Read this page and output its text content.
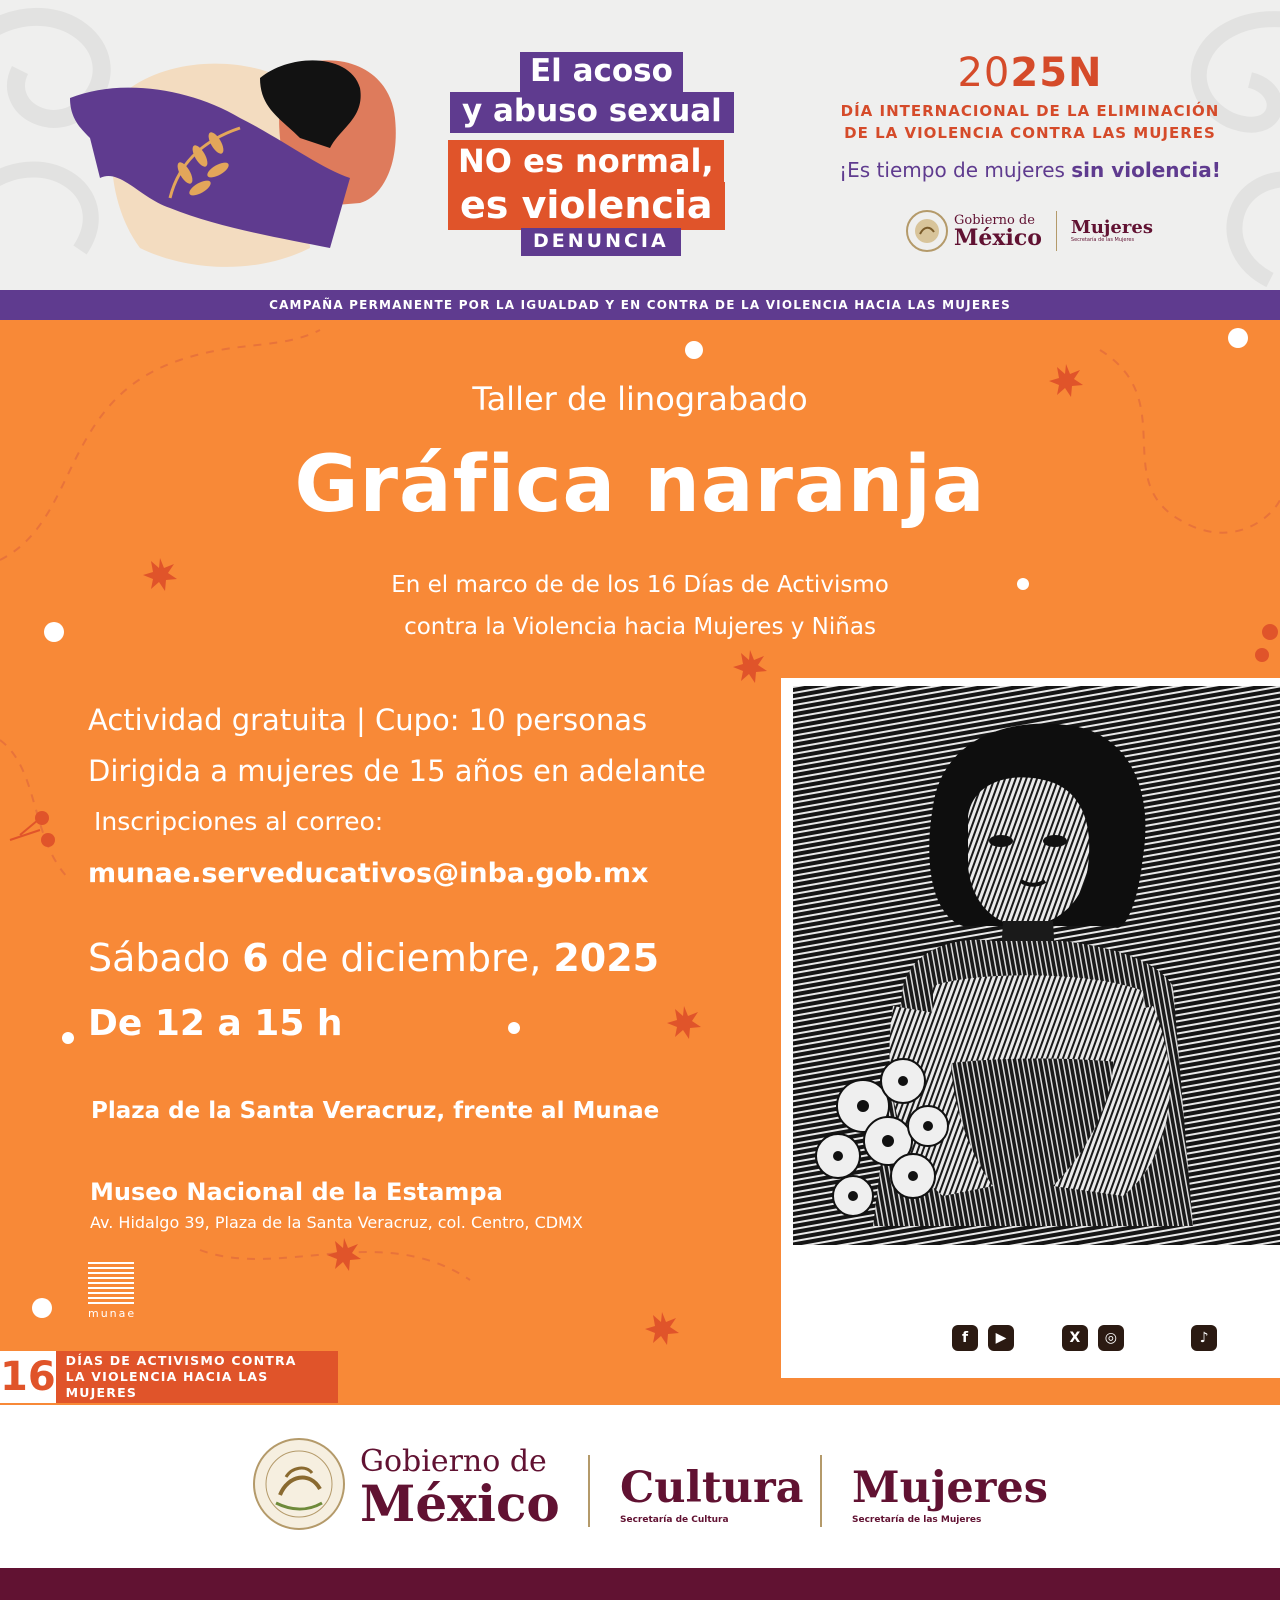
El acoso
y abuso sexual
NO es normal,
es violencia
DENUNCIA
2025N
DÍA INTERNACIONAL DE LA ELIMINACIÓN
DE LA VIOLENCIA CONTRA LAS MUJERES
¡Es tiempo de mujeres sin violencia!
Gobierno de
México Mujeres
Secretaría de las Mujeres
CAMPAÑA PERMANENTE POR LA IGUALDAD Y EN CONTRA DE LA VIOLENCIA HACIA LAS MUJERES
Taller de linograbado
Gráfica naranja
En el marco de de los 16 Días de Activismo
contra la Violencia hacia Mujeres y Niñas
Actividad gratuita | Cupo: 10 personas
Dirigida a mujeres de 15 años en adelante
Inscripciones al correo:
munae.serveducativos@inba.gob.mx
Sábado 6 de diciembre, 2025
De 12 a 15 h
Plaza de la Santa Veracruz, frente al Munae
Museo Nacional de la Estampa
Av. Hidalgo 39, Plaza de la Santa Veracruz, col. Centro, CDMX
munae
16 DÍAS DE ACTIVISMO CONTRA
LA VIOLENCIA HACIA LAS MUJERES
f	▶
@munaemx
X	◎
@munaemexico
♪
@munae_mx
Gobierno de
México Cultura
Secretaría de Cultura
Mujeres
Secretaría de las Mujeres
